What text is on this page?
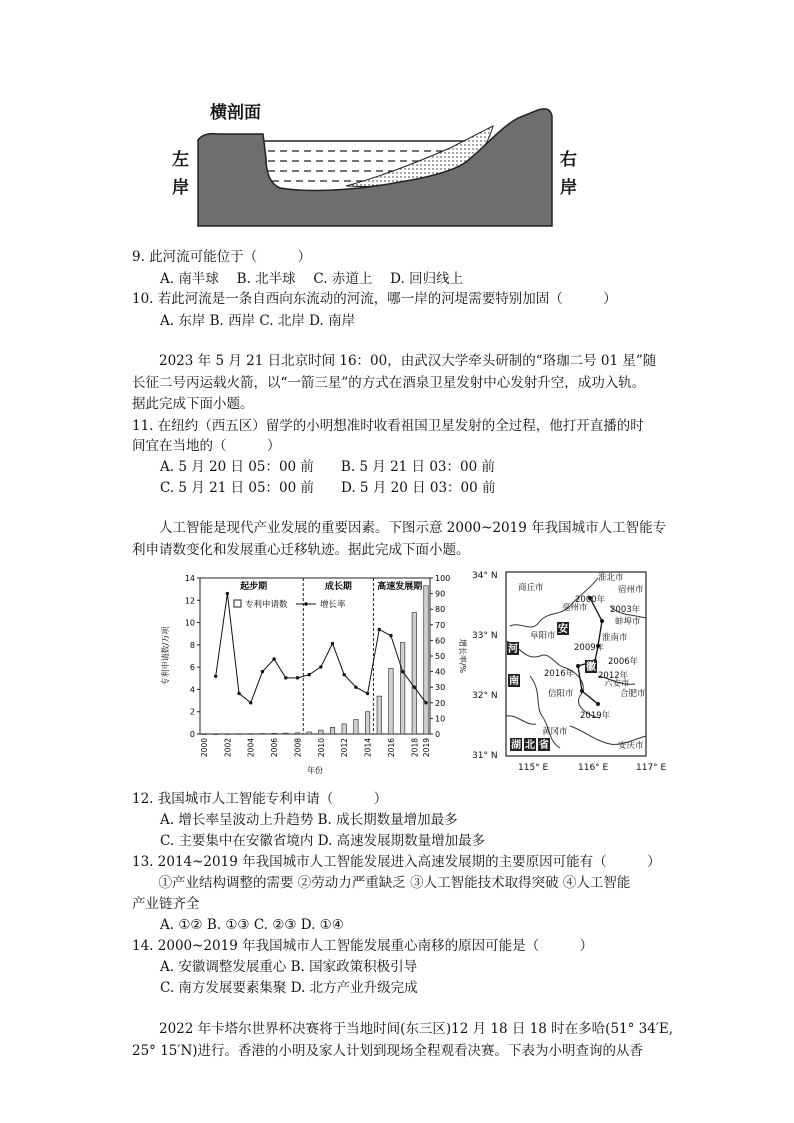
横剖面
左
岸
右
岸
9. 此河流可能位于（　　　）
A. 南半球　 B. 北半球　 C. 赤道上　 D. 回归线上
10. 若此河流是一条自西向东流动的河流，哪一岸的河堤需要特别加固（　　　）
A. 东岸 B. 西岸 C. 北岸 D. 南岸
　　2023 年 5 月 21 日北京时间 16：00，由武汉大学牵头研制的“珞珈二号 01 星”随
长征二号丙运载火箭，以“一箭三星”的方式在酒泉卫星发射中心发射升空，成功入轨。
据此完成下面小题。
11. 在纽约（西五区）留学的小明想准时收看祖国卫星发射的全过程，他打开直播的时
间宜在当地的（　　　）
A. 5 月 20 日 05：00 前　　B. 5 月 21 日 03：00 前
C. 5 月 21 日 05：00 前　　D. 5 月 20 日 03：00 前
　　人工智能是现代产业发展的重要因素。下图示意 2000~2019 年我国城市人工智能专
利申请数变化和发展重心迁移轨迹。据此完成下面小题。
起步期	成长期	高速发展期
0
2
4
6
8
10
12
14
0
10
20
30
40
50
60
70
80
90
100
专利申请数/万项	增长率/%
年份
2000 2002 2004 2006 2008 2010 2012 2014 2016 2018 2019
专利申请数	增长率
安
徽
河
南
湖 北 省
商丘市
淮北市
宿州市
亳州市
阜阳市	淮南市
蚌埠市
信阳市
六安市
合肥市
黄冈市
安庆市
2000年
2003年
2009年
2006年
2012年
2016年
2019年
34° N
33° N
32° N
31° N
115° E	116° E	117° E
12. 我国城市人工智能专利申请（　　　）
A. 增长率呈波动上升趋势 B. 成长期数量增加最多
C. 主要集中在安徽省境内 D. 高速发展期数量增加最多
13. 2014~2019 年我国城市人工智能发展进入高速发展期的主要原因可能有（　　　）
　①产业结构调整的需要 ②劳动力严重缺乏 ③人工智能技术取得突破 ④人工智能
产业链齐全
A. ①② B. ①③ C. ②③ D. ①④
14. 2000~2019 年我国城市人工智能发展重心南移的原因可能是（　　　）
A. 安徽调整发展重心 B. 国家政策积极引导
C. 南方发展要素集聚 D. 北方产业升级完成
　　2022 年卡塔尔世界杯决赛将于当地时间(东三区)12 月 18 日 18 时在多哈(51° 34′E,
25° 15′N)进行。香港的小明及家人计划到现场全程观看决赛。下表为小明查询的从香
